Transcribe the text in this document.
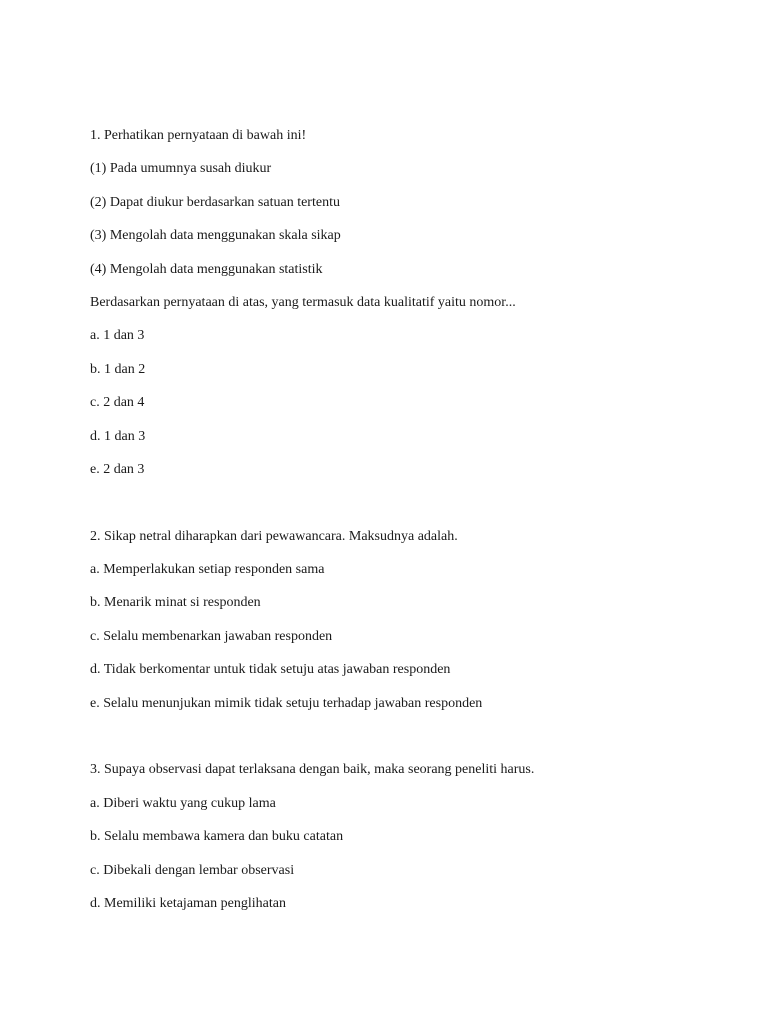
1. Perhatikan pernyataan di bawah ini!
(1) Pada umumnya susah diukur
(2) Dapat diukur berdasarkan satuan tertentu
(3) Mengolah data menggunakan skala sikap
(4) Mengolah data menggunakan statistik
Berdasarkan pernyataan di atas, yang termasuk data kualitatif yaitu nomor...
a. 1 dan 3
b. 1 dan 2
c. 2 dan 4
d. 1 dan 3
e. 2 dan 3
2. Sikap netral diharapkan dari pewawancara. Maksudnya adalah.
a. Memperlakukan setiap responden sama
b. Menarik minat si responden
c. Selalu membenarkan jawaban responden
d. Tidak berkomentar untuk tidak setuju atas jawaban responden
e. Selalu menunjukan mimik tidak setuju terhadap jawaban responden
3. Supaya observasi dapat terlaksana dengan baik, maka seorang peneliti harus.
a. Diberi waktu yang cukup lama
b. Selalu membawa kamera dan buku catatan
c. Dibekali dengan lembar observasi
d. Memiliki ketajaman penglihatan
